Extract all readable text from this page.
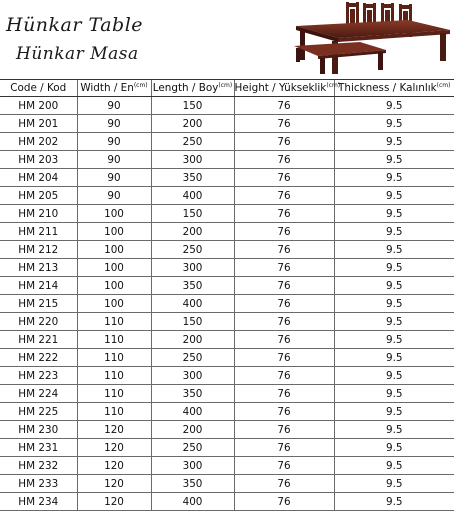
Hünkar Table
Hünkar Masa
Code / Kod	Width / $En^{(cm)}$	Length / Boy$^{(cm)}$	Height / Yükseklik$^{(cm)}$	Thickness / Kalınlık$^{(cm)}$
HM 200	90	150	76	9.5
HM 201	90	200	76	9.5
HM 202	90	250	76	9.5
HM 203	90	300	76	9.5
HM 204	90	350	76	9.5
HM 205	90	400	76	9.5
HM 210	100	150	76	9.5
HM 211	100	200	76	9.5
HM 212	100	250	76	9.5
HM 213	100	300	76	9.5
HM 214	100	350	76	9.5
HM 215	100	400	76	9.5
HM 220	110	150	76	9.5
HM 221	110	200	76	9.5
HM 222	110	250	76	9.5
HM 223	110	300	76	9.5
HM 224	110	350	76	9.5
HM 225	110	400	76	9.5
HM 230	120	200	76	9.5
HM 231	120	250	76	9.5
HM 232	120	300	76	9.5
HM 233	120	350	76	9.5
HM 234	120	400	76	9.5
